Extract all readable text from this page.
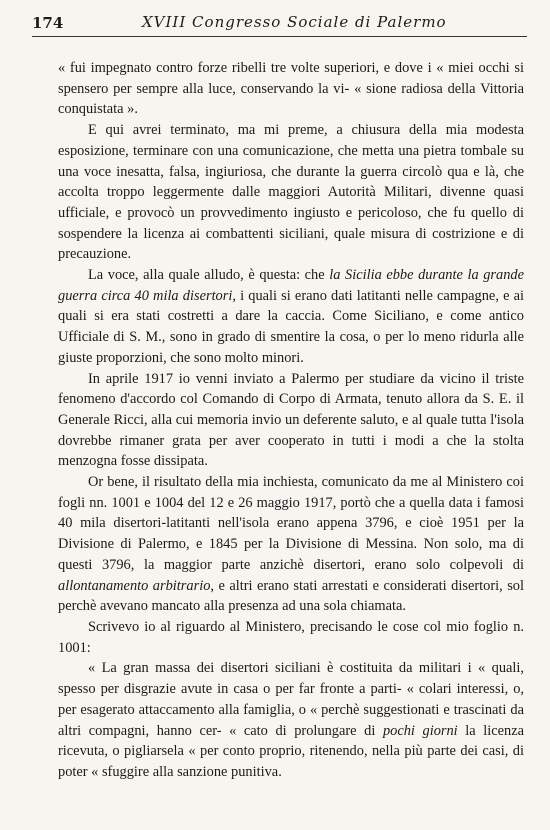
174	XVIII Congresso Sociale di Palermo

« fui impegnato contro forze ribelli tre volte superiori, e dove i « miei occhi si spensero per sempre alla luce, conservando la vi- « sione radiosa della Vittoria conquistata ».

E qui avrei terminato, ma mi preme, a chiusura della mia modesta esposizione, terminare con una comunicazione, che metta una pietra tombale su una voce inesatta, falsa, ingiuriosa, che durante la guerra circolò qua e là, che accolta troppo leggermente dalle maggiori Autorità Militari, divenne quasi ufficiale, e provocò un provvedimento ingiusto e pericoloso, che fu quello di sospendere la licenza ai combattenti siciliani, quale misura di costrizione e di precauzione.

La voce, alla quale alludo, è questa: che la Sicilia ebbe durante la grande guerra circa 40 mila disertori, i quali si erano dati latitanti nelle campagne, e ai quali si era stati costretti a dare la caccia. Come Siciliano, e come antico Ufficiale di S. M., sono in grado di smentire la cosa, o per lo meno ridurla alle giuste proporzioni, che sono molto minori.

In aprile 1917 io venni inviato a Palermo per studiare da vicino il triste fenomeno d'accordo col Comando di Corpo di Armata, tenuto allora da S. E. il Generale Ricci, alla cui memoria invio un deferente saluto, e al quale tutta l'isola dovrebbe rimaner grata per aver cooperato in tutti i modi a che la stolta menzogna fosse dissipata.

Or bene, il risultato della mia inchiesta, comunicato da me al Ministero coi fogli nn. 1001 e 1004 del 12 e 26 maggio 1917, portò che a quella data i famosi 40 mila disertori-latitanti nell'isola erano appena 3796, e cioè 1951 per la Divisione di Palermo, e 1845 per la Divisione di Messina. Non solo, ma di questi 3796, la maggior parte anzichè disertori, erano solo colpevoli di allontanamento arbitrario, e altri erano stati arrestati e considerati disertori, sol perchè avevano mancato alla presenza ad una sola chiamata.

Scrivevo io al riguardo al Ministero, precisando le cose col mio foglio n. 1001:

« La gran massa dei disertori siciliani è costituita da militari i « quali, spesso per disgrazie avute in casa o per far fronte a parti- « colari interessi, o, per esagerato attaccamento alla famiglia, o « perchè suggestionati e trascinati da altri compagni, hanno cer- « cato di prolungare di pochi giorni la licenza ricevuta, o pigliarsela « per conto proprio, ritenendo, nella più parte dei casi, di poter « sfuggire alla sanzione punitiva.
